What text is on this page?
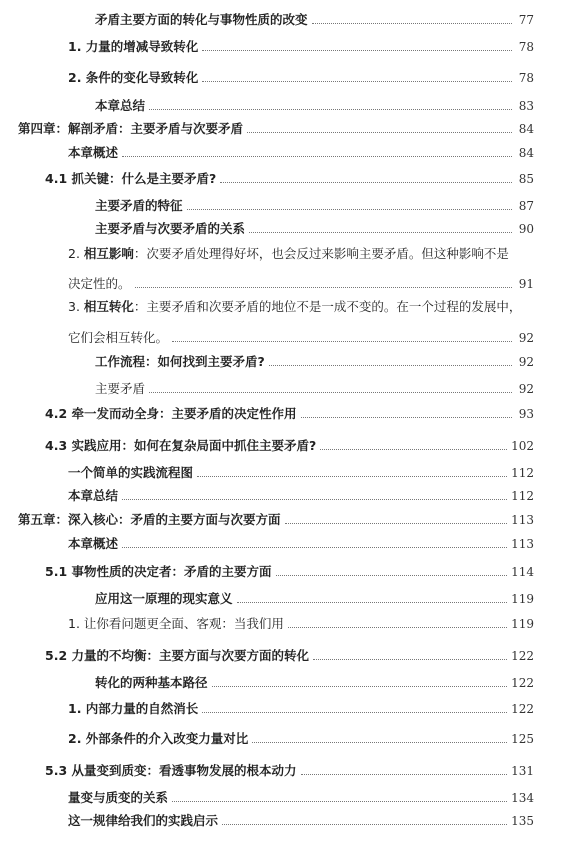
矛盾主要方面的转化与事物性质的改变	77
1. 力量的增减导致转化	78
2. 条件的变化导致转化	78
本章总结	83
第四章：解剖矛盾：主要矛盾与次要矛盾	84
本章概述	84
4.1 抓关键：什么是主要矛盾?	85
主要矛盾的特征	87
主要矛盾与次要矛盾的关系	90
2. 相互影响：次要矛盾处理得好坏，也会反过来影响主要矛盾。但这种影响不是
决定性的。	91
3. 相互转化：主要矛盾和次要矛盾的地位不是一成不变的。在一个过程的发展中，
它们会相互转化。	92
工作流程：如何找到主要矛盾?	92
主要矛盾	92
4.2 牵一发而动全身：主要矛盾的决定性作用	93
4.3 实践应用：如何在复杂局面中抓住主要矛盾?	102
一个简单的实践流程图	112
本章总结	112
第五章：深入核心：矛盾的主要方面与次要方面	113
本章概述	113
5.1 事物性质的决定者：矛盾的主要方面	114
应用这一原理的现实意义	119
1. 让你看问题更全面、客观：当我们用	119
5.2 力量的不均衡：主要方面与次要方面的转化	122
转化的两种基本路径	122
1. 内部力量的自然消长	122
2. 外部条件的介入改变力量对比	125
5.3 从量变到质变：看透事物发展的根本动力	131
量变与质变的关系	134
这一规律给我们的实践启示	135
